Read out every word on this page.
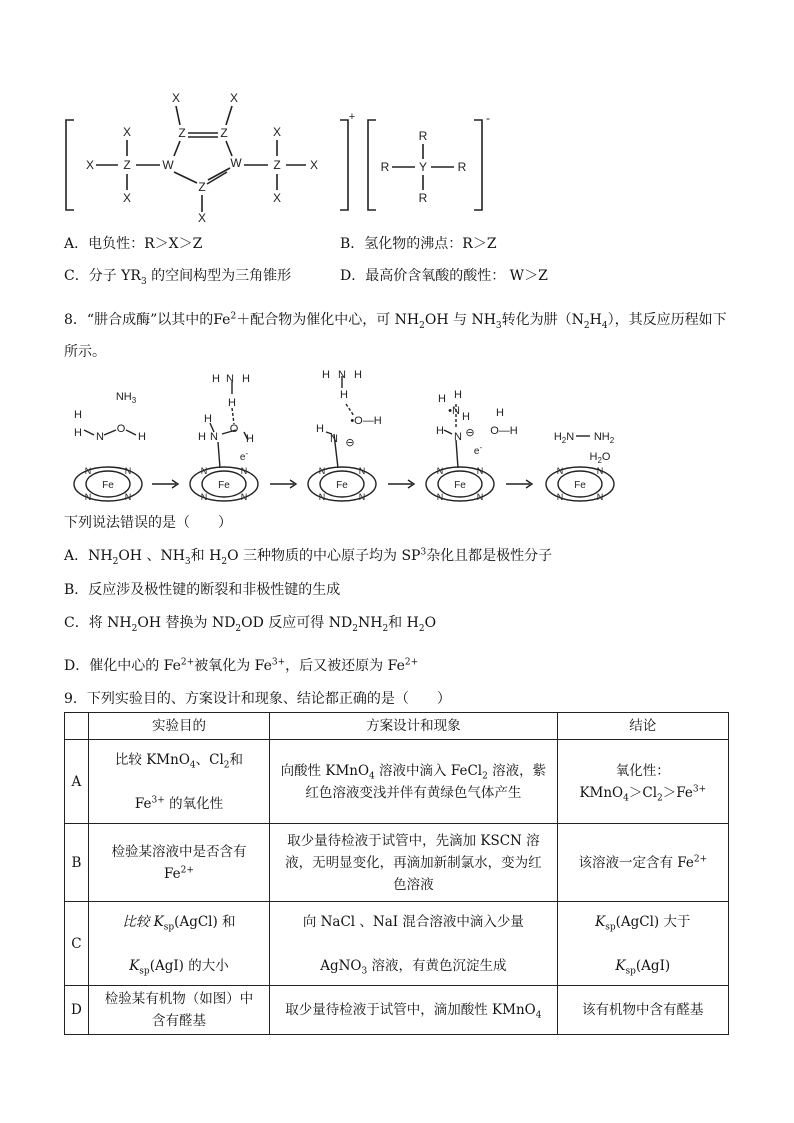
X Z
X
X
W
Z	Z
X	X
W
Z
X
Z
X
X
X
+
R
R
Y
R
R
-
A．电负性：R＞X＞Z	B．氢化物的沸点：R＞Z
C．分子 $YR_3$ 的空间构型为三角锥形	D．最高价含氧酸的酸性： W＞Z
8．“肼合成酶”以其中的$Fe^2+$配合物为催化中心，可 $NH_2OH$ 与 $NH_3$转化为肼$(N_2H_4)$，其反应历程如下
所示。
$NH_3$
H N
O
H
H
Fe
N	N
N	N
H N H
H
H
N
O
H
H
e-
Fe
N	N
N	N
H N H
H
•O—H
H
N ⊖
Fe
N	N
N	N
H H
•N H H
O—H
H N ⊖
e-
Fe
N	N
N	N
$H_2N$ $NH_2$
$H_2O$
Fe
N	N
N	N
下列说法错误的是（　　）
A．$NH_2OH$ 、$NH_3$和 $H_2O$ 三种物质的中心原子均为 $SP^3$杂化且都是极性分子
B．反应涉及极性键的断裂和非极性键的生成
C．将 $NH_2OH$ 替换为 $ND_2OD$ 反应可得 $ND_2NH_2$和 $H_2O$
D．催化中心的 $Fe^{2+}$被氧化为 $Fe^{3+}$，后又被还原为 $Fe^{2+}$
9．下列实验目的、方案设计和现象、结论都正确的是（　　）
	实验目的	方案设计和现象	结论
A	比较 KMnO$_4$、$Cl_2$和

$Fe^{3+}$ 的氧化性	向酸性 KMnO$_4$ 溶液中滴入 FeCl$_2$ 溶液，紫
红色溶液变浅并伴有黄绿色气体产生	氧化性：
$KMnO_4>Cl_2>Fe^{3+}$
B	检验某溶液中是否含有
$Fe^{2+}$	取少量待检液于试管中，先滴加 KSCN 溶
液，无明显变化，再滴加新制氯水，变为红
色溶液	该溶液一定含有 $Fe^{2+}$
C	比较 $K_{sp}(AgCl)$ 和

$K_{sp}(AgI)$ 的大小	向 NaCl 、NaI 混合溶液中滴入少量

AgNO$_3$ 溶液，有黄色沉淀生成	$K_{sp}(AgCl)$ 大于

$K_{sp}(AgI)$
D	检验某有机物（如图）中
含有醛基	取少量待检液于试管中，滴加酸性 KMnO$_4$	该有机物中含有醛基
